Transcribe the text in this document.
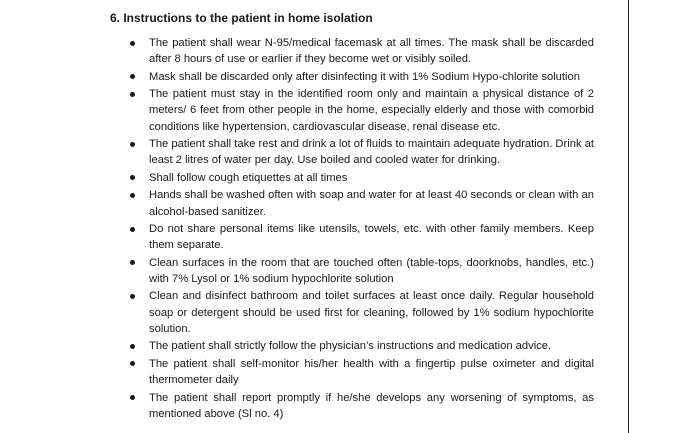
6. Instructions to the patient in home isolation
The patient shall wear N-95/medical facemask at all times. The mask shall be discarded after 8 hours of use or earlier if they become wet or visibly soiled.
Mask shall be discarded only after disinfecting it with 1% Sodium Hypo-chlorite solution
The patient must stay in the identified room only and maintain a physical distance of 2 meters/ 6 feet from other people in the home, especially elderly and those with comorbid conditions like hypertension, cardiovascular disease, renal disease etc.
The patient shall take rest and drink a lot of fluids to maintain adequate hydration. Drink at least 2 litres of water per day. Use boiled and cooled water for drinking.
Shall follow cough etiquettes at all times
Hands shall be washed often with soap and water for at least 40 seconds or clean with an alcohol-based sanitizer.
Do not share personal items like utensils, towels, etc. with other family members. Keep them separate.
Clean surfaces in the room that are touched often (table-tops, doorknobs, handles, etc.) with 7% Lysol or 1% sodium hypochlorite solution
Clean and disinfect bathroom and toilet surfaces at least once daily. Regular household soap or detergent should be used first for cleaning, followed by 1% sodium hypochlorite solution.
The patient shall strictly follow the physician’s instructions and medication advice.
The patient shall self-monitor his/her health with a fingertip pulse oximeter and digital thermometer daily
The patient shall report promptly if he/she develops any worsening of symptoms, as mentioned above (Sl no. 4)
